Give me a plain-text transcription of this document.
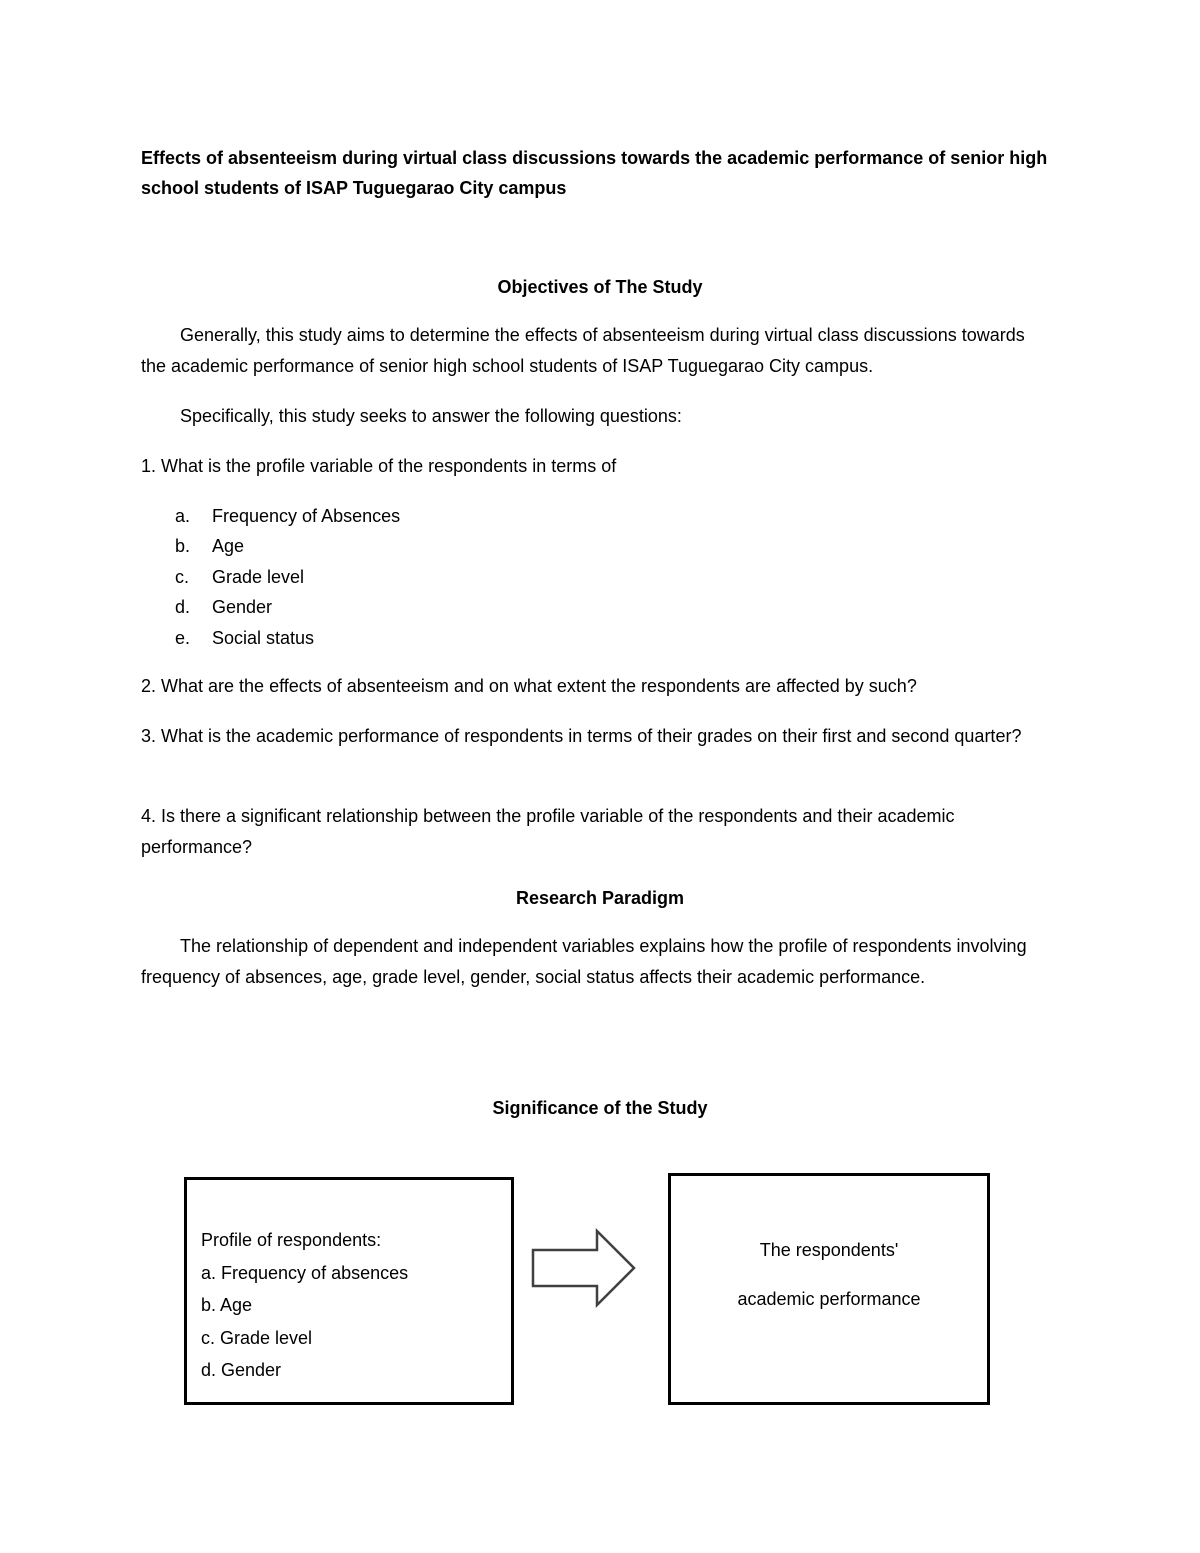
Effects of absenteeism during virtual class discussions towards the academic performance of senior high school students of ISAP Tuguegarao City campus

Objectives of The Study

Generally, this study aims to determine the effects of absenteeism during virtual class discussions towards the academic performance of senior high school students of ISAP Tuguegarao City campus.

Specifically, this study seeks to answer the following questions:

1. What is the profile variable of the respondents in terms of

a.	Frequency of Absences
b.	Age
c.	Grade level
d.	Gender
e.	Social status

2. What are the effects of absenteeism and on what extent the respondents are affected by such?

3. What is the academic performance of respondents in terms of their grades on their first and second quarter?

4. Is there a significant relationship between the profile variable of the respondents and their academic performance?

Research Paradigm

The relationship of dependent and independent variables explains how the profile of respondents involving frequency of absences, age, grade level, gender, social status affects their academic performance.

Significance of the Study

Profile of respondents:
a. Frequency of absences
b. Age
c. Grade level
d. Gender
The respondents'
academic performance
